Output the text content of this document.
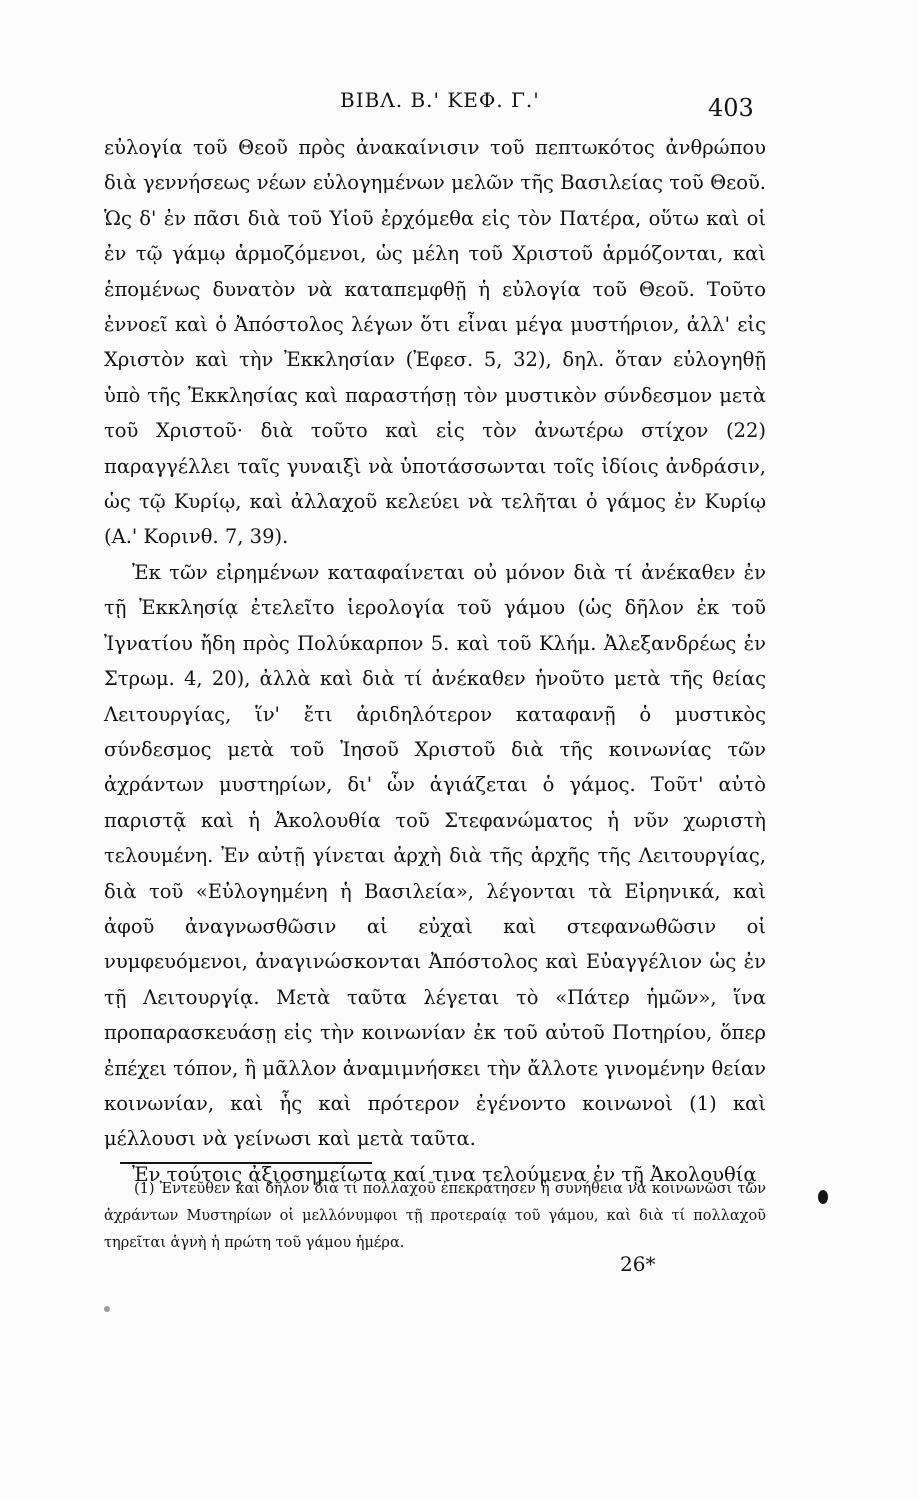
ΒΙΒΛ. Β.' ΚΕΦ. Γ.'	403

εὐλογία τοῦ Θεοῦ πρὸς ἀνακαίνισιν τοῦ πεπτωκότος ἀνθρώπου διὰ γεννήσεως νέων εὐλογημένων μελῶν τῆς Βασιλείας τοῦ Θεοῦ. Ὡς δ' ἐν πᾶσι διὰ τοῦ Υἱοῦ ἐρχόμεθα εἰς τὸν Πατέρα, οὕτω καὶ οἱ ἐν τῷ γάμῳ ἁρμοζόμενοι, ὡς μέλη τοῦ Χριστοῦ ἁρμόζονται, καὶ ἑπομένως δυνατὸν νὰ καταπεμφθῇ ἡ εὐλογία τοῦ Θεοῦ. Τοῦτο ἐννοεῖ καὶ ὁ Ἀπόστολος λέγων ὅτι εἶναι μέγα μυστήριον, ἀλλ' εἰς Χριστὸν καὶ τὴν Ἐκκλησίαν (Ἐφεσ. 5, 32), δηλ. ὅταν εὐλογηθῇ ὑπὸ τῆς Ἐκκλησίας καὶ παραστήσῃ τὸν μυστικὸν σύνδεσμον μετὰ τοῦ Χριστοῦ· διὰ τοῦτο καὶ εἰς τὸν ἀνωτέρω στίχον (22) παραγγέλλει ταῖς γυναιξὶ νὰ ὑποτάσσωνται τοῖς ἰδίοις ἀνδράσιν, ὡς τῷ Κυρίῳ, καὶ ἀλλαχοῦ κελεύει νὰ τελῆται ὁ γάμος ἐν Κυρίῳ (Α.' Κορινθ. 7, 39).

Ἐκ τῶν εἰρημένων καταφαίνεται οὐ μόνον διὰ τί ἀνέκαθεν ἐν τῇ Ἐκκλησίᾳ ἐτελεῖτο ἱερολογία τοῦ γάμου (ὡς δῆλον ἐκ τοῦ Ἰγνατίου ἤδη πρὸς Πολύκαρπον 5. καὶ τοῦ Κλήμ. Ἀλεξανδρέως ἐν Στρωμ. 4, 20), ἀλλὰ καὶ διὰ τί ἀνέκαθεν ἡνοῦτο μετὰ τῆς θείας Λειτουργίας, ἵν' ἔτι ἀριδηλότερον καταφανῇ ὁ μυστικὸς σύνδεσμος μετὰ τοῦ Ἰησοῦ Χριστοῦ διὰ τῆς κοινωνίας τῶν ἀχράντων μυστηρίων, δι' ὧν ἁγιάζεται ὁ γάμος. Τοῦτ' αὐτὸ παριστᾷ καὶ ἡ Ἀκολουθία τοῦ Στεφανώματος ἡ νῦν χωριστὴ τελουμένη. Ἐν αὐτῇ γίνεται ἀρχὴ διὰ τῆς ἀρχῆς τῆς Λειτουργίας, διὰ τοῦ «Εὐλογημένη ἡ Βασιλεία», λέγονται τὰ Εἰρηνικά, καὶ ἀφοῦ ἀναγνωσθῶσιν αἱ εὐχαὶ καὶ στεφανωθῶσιν οἱ νυμφευόμενοι, ἀναγινώσκονται Ἀπόστολος καὶ Εὐαγγέλιον ὡς ἐν τῇ Λειτουργίᾳ. Μετὰ ταῦτα λέγεται τὸ «Πάτερ ἡμῶν», ἵνα προπαρασκευάσῃ εἰς τὴν κοινωνίαν ἐκ τοῦ αὐτοῦ Ποτηρίου, ὅπερ ἐπέχει τόπον, ἢ μᾶλλον ἀναμιμνήσκει τὴν ἄλλοτε γινομένην θείαν κοινωνίαν, καὶ ἧς καὶ πρότερον ἐγένοντο κοινωνοὶ (1) καὶ μέλλουσι νὰ γείνωσι καὶ μετὰ ταῦτα.

Ἐν τούτοις ἀξιοσημείωτα καί τινα τελούμενα ἐν τῇ Ἀκολουθίᾳ

(1) Ἐντεῦθεν καὶ δῆλον διὰ τί πολλαχοῦ ἐπεκράτησεν ἡ συνήθεια νὰ κοινωνῶσι τῶν ἀχράντων Μυστηρίων οἱ μελλόνυμφοι τῇ προτεραίᾳ τοῦ γάμου, καὶ διὰ τί πολλαχοῦ τηρεῖται ἁγνὴ ἡ πρώτη τοῦ γάμου ἡμέρα.
26*
